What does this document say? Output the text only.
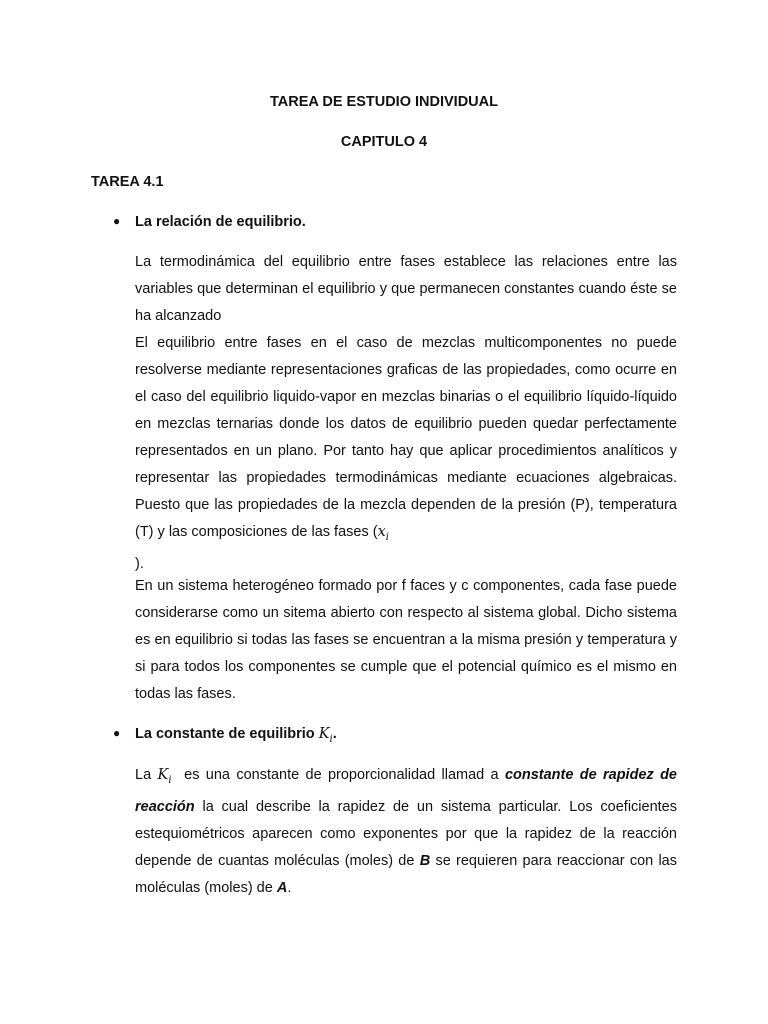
TAREA DE ESTUDIO INDIVIDUAL
CAPITULO 4
TAREA 4.1
● La relación de equilibrio.

La termodinámica del equilibrio entre fases establece las relaciones entre las variables que determinan el equilibrio y que permanecen constantes cuando éste se ha alcanzado

El equilibrio entre fases en el caso de mezclas multicomponentes no puede resolverse mediante representaciones graficas de las propiedades, como ocurre en el caso del equilibrio liquido-vapor en mezclas binarias o el equilibrio líquido-líquido en mezclas ternarias donde los datos de equilibrio pueden quedar perfectamente representados en un plano. Por tanto hay que aplicar procedimientos analíticos y representar las propiedades termodinámicas mediante ecuaciones algebraicas. Puesto que las propiedades de la mezcla dependen de la presión (P), temperatura (T) y las composiciones de las fases ($x_i$
).

En un sistema heterogéneo formado por f faces y c componentes, cada fase puede considerarse como un sitema abierto con respecto al sistema global. Dicho sistema es en equilibrio si todas las fases se encuentran a la misma presión y temperatura y si para todos los componentes se cumple que el potencial químico es el mismo en todas las fases.

● La constante de equilibrio $K_i$.

La $K_i$ es una constante de proporcionalidad llamad a constante de rapidez de reacción la cual describe la rapidez de un sistema particular. Los coeficientes estequiométricos aparecen como exponentes por que la rapidez de la reacción depende de cuantas moléculas (moles) de B se requieren para reaccionar con las moléculas (moles) de A.
